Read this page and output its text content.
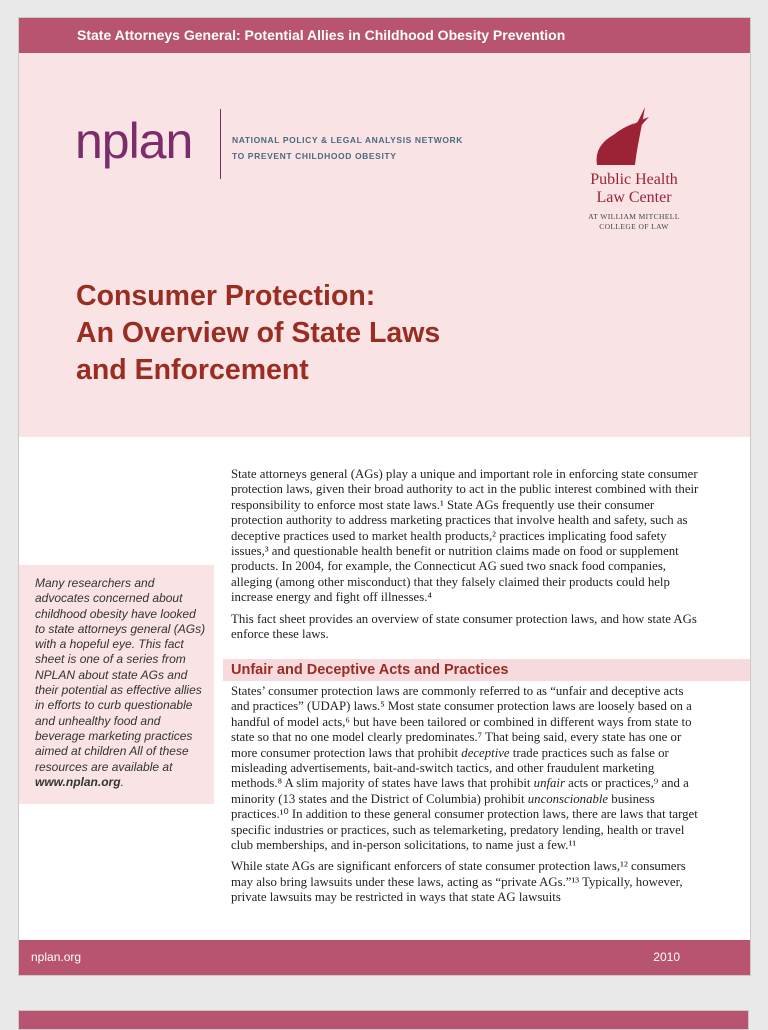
State Attorneys General: Potential Allies in Childhood Obesity Prevention
nplan	NATIONAL POLICY & LEGAL ANALYSIS NETWORK
TO PREVENT CHILDHOOD OBESITY
Public Health
Law Center
AT WILLIAM MITCHELL
COLLEGE OF LAW
Consumer Protection:
An Overview of State Laws
and Enforcement
Many researchers and advocates concerned about childhood obesity have looked to state attorneys general (AGs) with a hopeful eye. This fact sheet is one of a series from NPLAN about state AGs and their potential as effective allies in efforts to curb questionable and unhealthy food and beverage marketing practices aimed at children All of these resources are available at www.nplan.org.

State attorneys general (AGs) play a unique and important role in enforcing state consumer protection laws, given their broad authority to act in the public interest combined with their responsibility to enforce most state laws.¹ State AGs frequently use their consumer protection authority to address marketing practices that involve health and safety, such as deceptive practices used to market health products,² practices implicating food safety issues,³ and questionable health benefit or nutrition claims made on food or supplement products. In 2004, for example, the Connecticut AG sued two snack food companies, alleging (among other misconduct) that they falsely claimed their products could help increase energy and fight off illnesses.⁴

This fact sheet provides an overview of state consumer protection laws, and how state AGs enforce these laws.

Unfair and Deceptive Acts and Practices

States’ consumer protection laws are commonly referred to as “unfair and deceptive acts and practices” (UDAP) laws.⁵ Most state consumer protection laws are loosely based on a handful of model acts,⁶ but have been tailored or combined in different ways from state to state so that no one model clearly predominates.⁷ That being said, every state has one or more consumer protection laws that prohibit deceptive trade practices such as false or misleading advertisements, bait-and-switch tactics, and other fraudulent marketing methods.⁸ A slim majority of states have laws that prohibit unfair acts or practices,⁹ and a minority (13 states and the District of Columbia) prohibit unconscionable business practices.¹⁰ In addition to these general consumer protection laws, there are laws that target specific industries or practices, such as telemarketing, predatory lending, health or travel club memberships, and in-person solicitations, to name just a few.¹¹

While state AGs are significant enforcers of state consumer protection laws,¹² consumers may also bring lawsuits under these laws, acting as “private AGs.”¹³ Typically, however, private lawsuits may be restricted in ways that state AG lawsuits

nplan.org	2010
